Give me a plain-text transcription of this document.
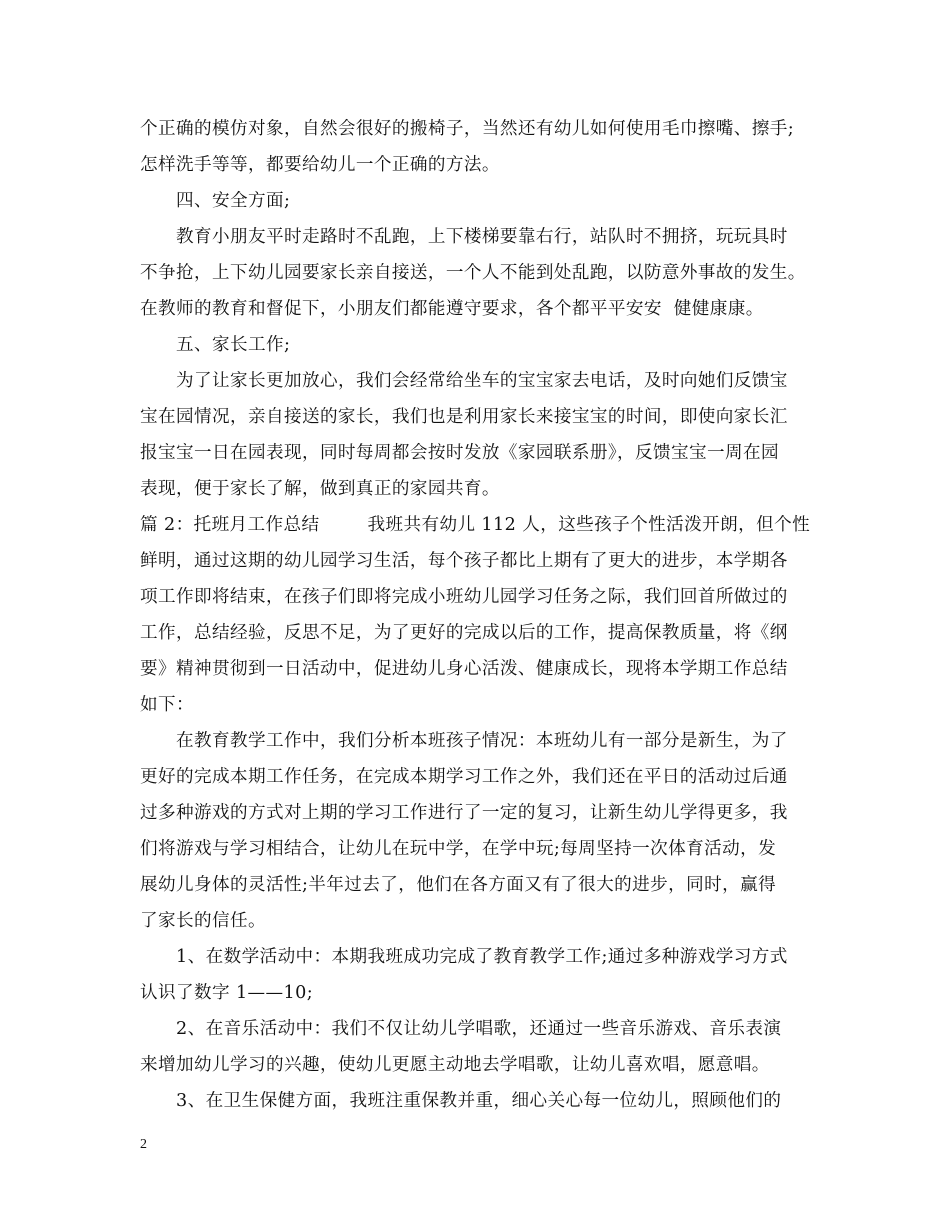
个正确的模仿对象，自然会很好的搬椅子，当然还有幼儿如何使用毛巾擦嘴、擦手;
怎样洗手等等，都要给幼儿一个正确的方法。
四、安全方面;
教育小朋友平时走路时不乱跑，上下楼梯要靠右行，站队时不拥挤，玩玩具时
不争抢，上下幼儿园要家长亲自接送，一个人不能到处乱跑，以防意外事故的发生。
在教师的教育和督促下，小朋友们都能遵守要求，各个都平平安安  健健康康。
五、家长工作;
为了让家长更加放心，我们会经常给坐车的宝宝家去电话，及时向她们反馈宝
宝在园情况，亲自接送的家长，我们也是利用家长来接宝宝的时间，即使向家长汇
报宝宝一日在园表现，同时每周都会按时发放《家园联系册》，反馈宝宝一周在园
表现，便于家长了解，做到真正的家园共育。
篇 2：托班月工作总结        我班共有幼儿 112 人，这些孩子个性活泼开朗，但个性
鲜明，通过这期的幼儿园学习生活，每个孩子都比上期有了更大的进步，本学期各
项工作即将结束，在孩子们即将完成小班幼儿园学习任务之际，我们回首所做过的
工作，总结经验，反思不足，为了更好的完成以后的工作，提高保教质量，将《纲
要》精神贯彻到一日活动中，促进幼儿身心活泼、健康成长，现将本学期工作总结
如下：
在教育教学工作中，我们分析本班孩子情况：本班幼儿有一部分是新生，为了
更好的完成本期工作任务，在完成本期学习工作之外，我们还在平日的活动过后通
过多种游戏的方式对上期的学习工作进行了一定的复习，让新生幼儿学得更多，我
们将游戏与学习相结合，让幼儿在玩中学，在学中玩;每周坚持一次体育活动，发
展幼儿身体的灵活性;半年过去了，他们在各方面又有了很大的进步，同时，赢得
了家长的信任。
1、在数学活动中：本期我班成功完成了教育教学工作;通过多种游戏学习方式
认识了数字 1——10;
2、在音乐活动中：我们不仅让幼儿学唱歌，还通过一些音乐游戏、音乐表演
来增加幼儿学习的兴趣，使幼儿更愿主动地去学唱歌，让幼儿喜欢唱，愿意唱。
3、在卫生保健方面，我班注重保教并重，细心关心每一位幼儿，照顾他们的
2
